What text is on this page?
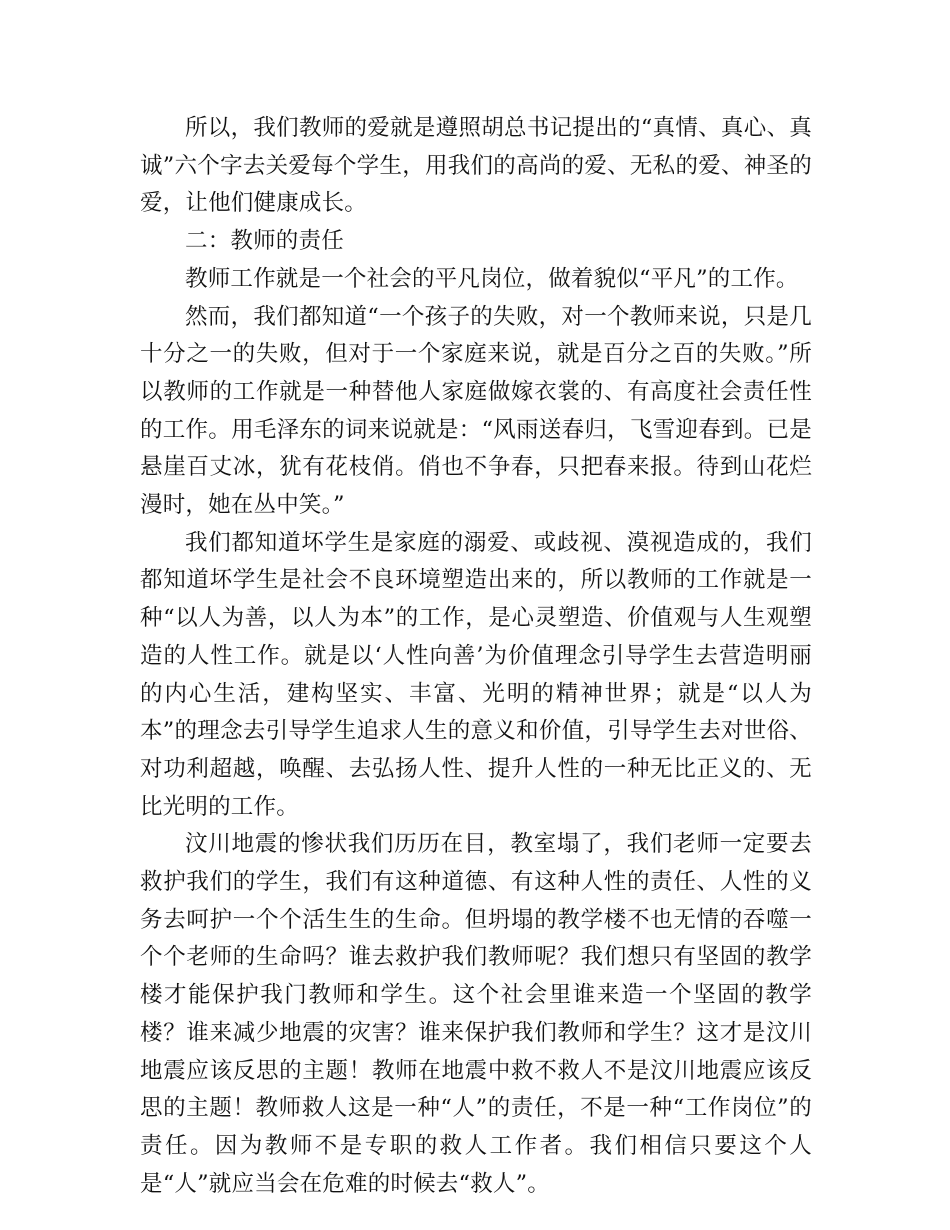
所以，我们教师的爱就是遵照胡总书记提出的“真情、真心、真诚”六个字去关爱每个学生，用我们的高尚的爱、无私的爱、神圣的爱，让他们健康成长。

二：教师的责任

教师工作就是一个社会的平凡岗位，做着貌似“平凡”的工作。

然而，我们都知道“一个孩子的失败，对一个教师来说，只是几十分之一的失败，但对于一个家庭来说，就是百分之百的失败。”所以教师的工作就是一种替他人家庭做嫁衣裳的、有高度社会责任性的工作。用毛泽东的词来说就是：“风雨送春归，飞雪迎春到。已是悬崖百丈冰，犹有花枝俏。俏也不争春，只把春来报。待到山花烂漫时，她在丛中笑。”

我们都知道坏学生是家庭的溺爱、或歧视、漠视造成的，我们都知道坏学生是社会不良环境塑造出来的，所以教师的工作就是一种“以人为善，以人为本”的工作，是心灵塑造、价值观与人生观塑造的人性工作。就是以‘人性向善’为价值理念引导学生去营造明丽的内心生活，建构坚实、丰富、光明的精神世界；就是“以人为本”的理念去引导学生追求人生的意义和价值，引导学生去对世俗、对功利超越，唤醒、去弘扬人性、提升人性的一种无比正义的、无比光明的工作。

汶川地震的惨状我们历历在目，教室塌了，我们老师一定要去救护我们的学生，我们有这种道德、有这种人性的责任、人性的义务去呵护一个个活生生的生命。但坍塌的教学楼不也无情的吞噬一个个老师的生命吗？谁去救护我们教师呢？我们想只有坚固的教学楼才能保护我门教师和学生。这个社会里谁来造一个坚固的教学楼？谁来减少地震的灾害？谁来保护我们教师和学生？这才是汶川地震应该反思的主题！教师在地震中救不救人不是汶川地震应该反思的主题！教师救人这是一种“人”的责任，不是一种“工作岗位”的责任。因为教师不是专职的救人工作者。我们相信只要这个人是“人”就应当会在危难的时候去“救人”。
